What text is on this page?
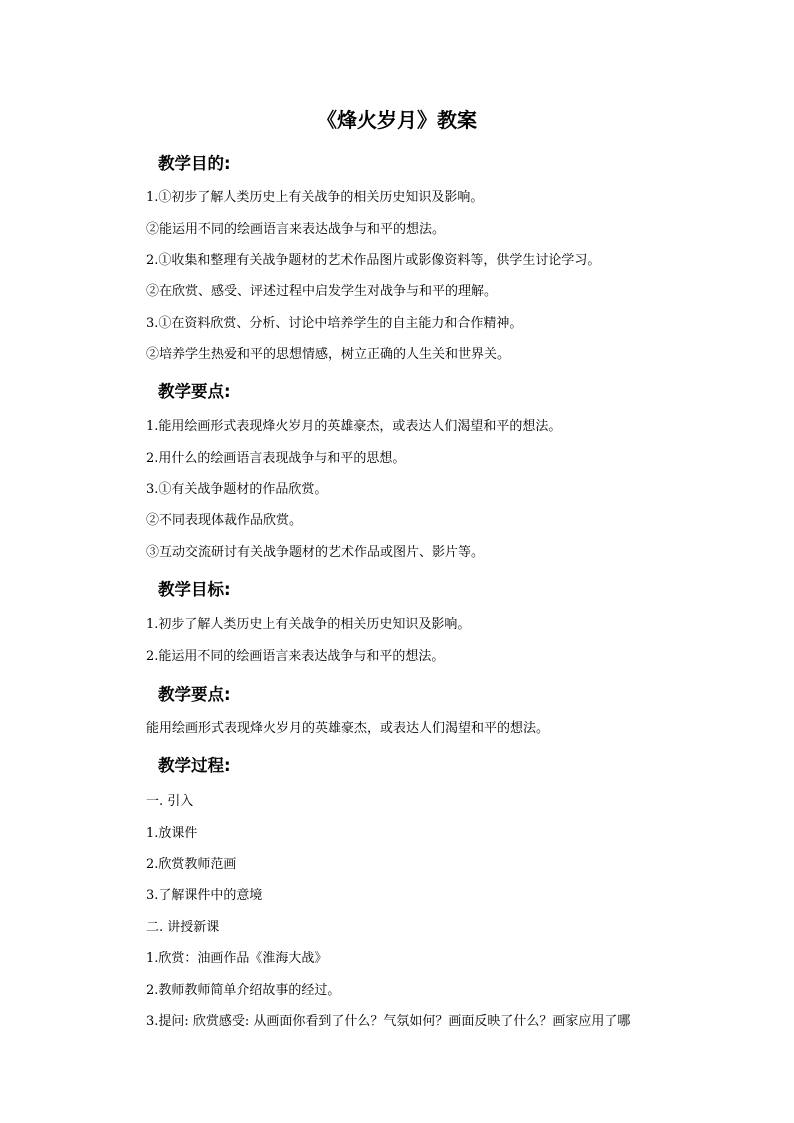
《烽火岁月》教案
教学目的:
1.①初步了解人类历史上有关战争的相关历史知识及影响。
②能运用不同的绘画语言来表达战争与和平的想法。
2.①收集和整理有关战争题材的艺术作品图片或影像资料等，供学生讨论学习。
②在欣赏、感受、评述过程中启发学生对战争与和平的理解。
3.①在资料欣赏、分析、讨论中培养学生的自主能力和合作精神。
②培养学生热爱和平的思想情感，树立正确的人生关和世界关。
教学要点:
1.能用绘画形式表现烽火岁月的英雄豪杰，或表达人们渴望和平的想法。
2.用什么的绘画语言表现战争与和平的思想。
3.①有关战争题材的作品欣赏。
②不同表现体裁作品欣赏。
③互动交流研讨有关战争题材的艺术作品或图片、影片等。
教学目标:
1.初步了解人类历史上有关战争的相关历史知识及影响。
2.能运用不同的绘画语言来表达战争与和平的想法。
教学要点:
能用绘画形式表现烽火岁月的英雄豪杰，或表达人们渴望和平的想法。
教学过程:
一. 引入
1.放课件
2.欣赏教师范画
3.了解课件中的意境
二. 讲授新课
1.欣赏：油画作品《淮海大战》
2.教师教师简单介绍故事的经过。
3.提问: 欣赏感受: 从画面你看到了什么？气氛如何？画面反映了什么？画家应用了哪
